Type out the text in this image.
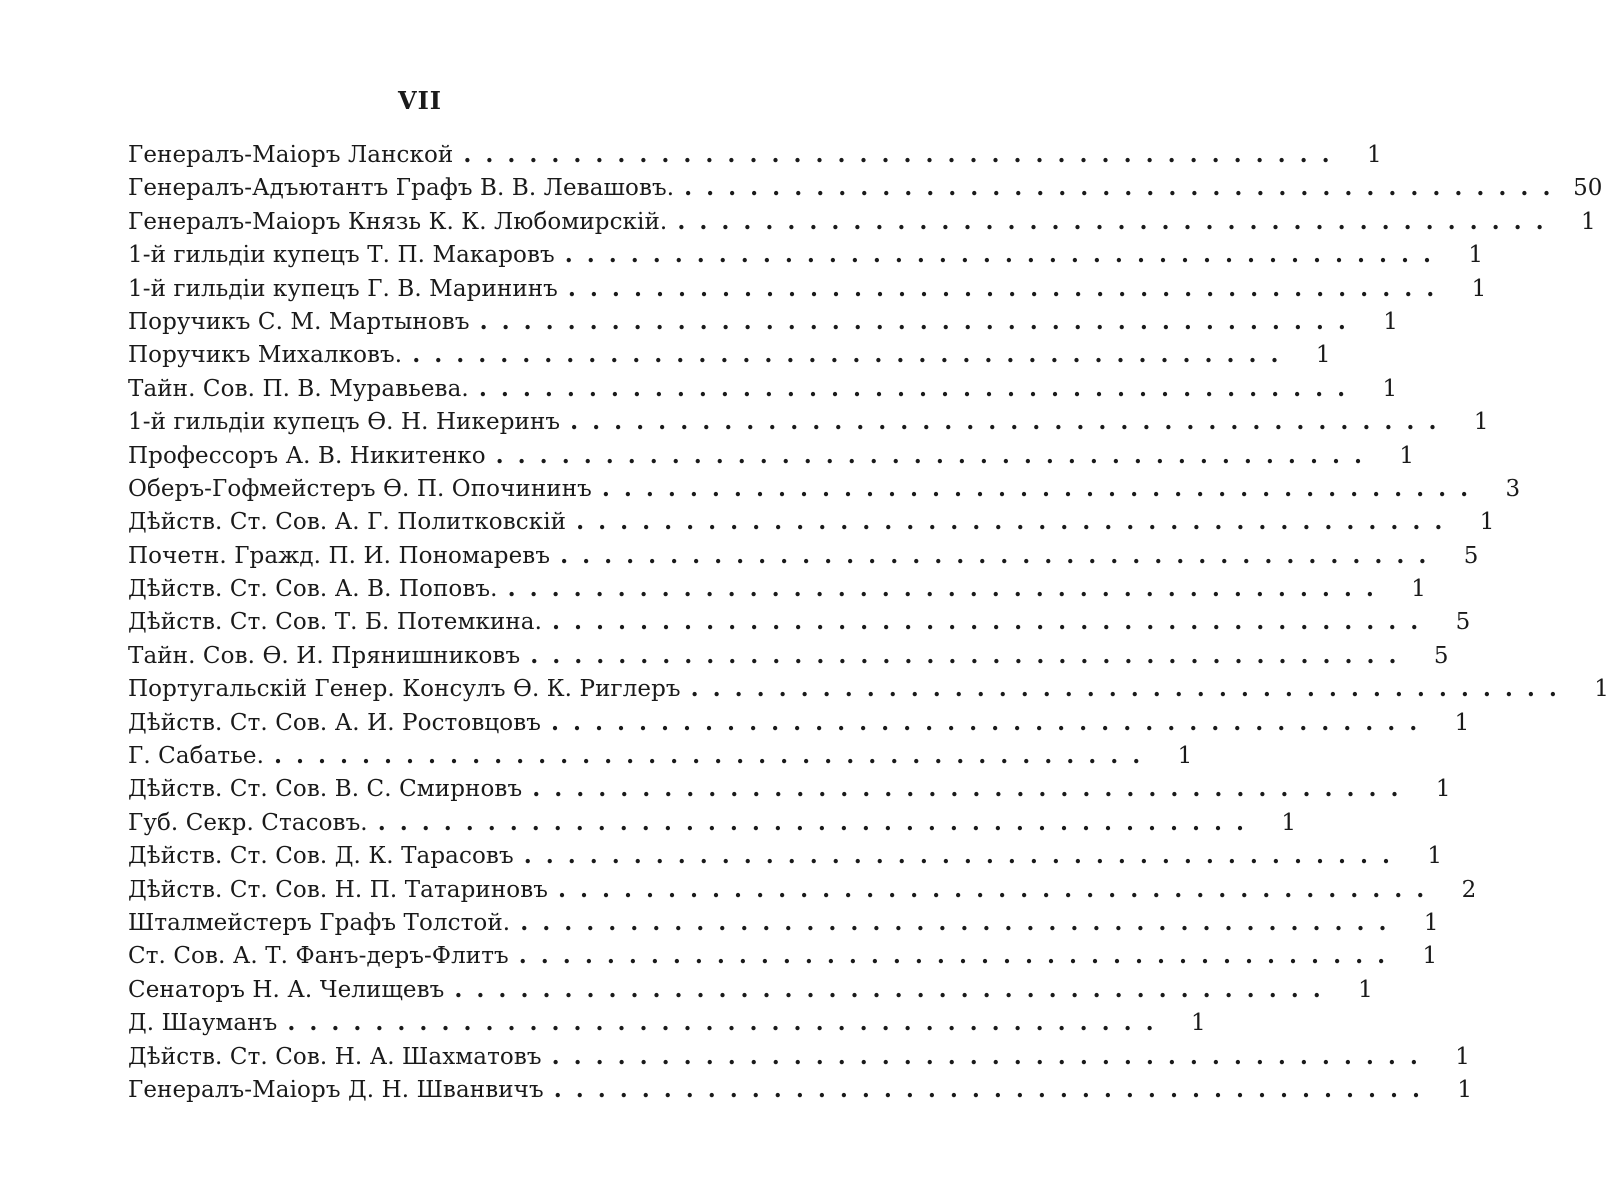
VII
Генералъ-Маіоръ Ланской ........................................	1
Генералъ-Адъютантъ Графъ В. В. Левашовъ. ........................................ 50
Генералъ-Маіоръ Князь К. К. Любомирскій. ........................................	1
1-й гильдіи купецъ Т. П. Макаровъ ........................................	1
1-й гильдіи купецъ Г. В. Марининъ ........................................	1
Поручикъ С. М. Мартыновъ ........................................	1
Поручикъ Михалковъ. ........................................	1
Тайн. Сов. П. В. Муравьева. ........................................	1
1-й гильдіи купецъ Ѳ. Н. Никеринъ ........................................	1
Профессоръ А. В. Никитенко ........................................	1
Оберъ-Гофмейстеръ Ѳ. П. Опочининъ ........................................	3
Дѣйств. Ст. Сов. А. Г. Политковскій ........................................	1
Почетн. Гражд. П. И. Пономаревъ ........................................	5
Дѣйств. Ст. Сов. А. В. Поповъ. ........................................	1
Дѣйств. Ст. Сов. Т. Б. Потемкина. ........................................	5
Тайн. Сов. Ѳ. И. Прянишниковъ ........................................	5
Португальскій Генер. Консулъ Ѳ. К. Риглеръ ........................................	1
Дѣйств. Ст. Сов. А. И. Ростовцовъ ........................................	1
Г. Сабатье. ........................................	1
Дѣйств. Ст. Сов. В. С. Смирновъ ........................................	1
Губ. Секр. Стасовъ. ........................................	1
Дѣйств. Ст. Сов. Д. К. Тарасовъ ........................................	1
Дѣйств. Ст. Сов. Н. П. Татариновъ ........................................	2
Шталмейстеръ Графъ Толстой. ........................................	1
Ст. Сов. А. Т. Фанъ-деръ-Флитъ ........................................	1
Сенаторъ Н. А. Челищевъ ........................................	1
Д. Шауманъ ........................................	1
Дѣйств. Ст. Сов. Н. А. Шахматовъ ........................................	1
Генералъ-Маіоръ Д. Н. Шванвичъ ........................................	1
